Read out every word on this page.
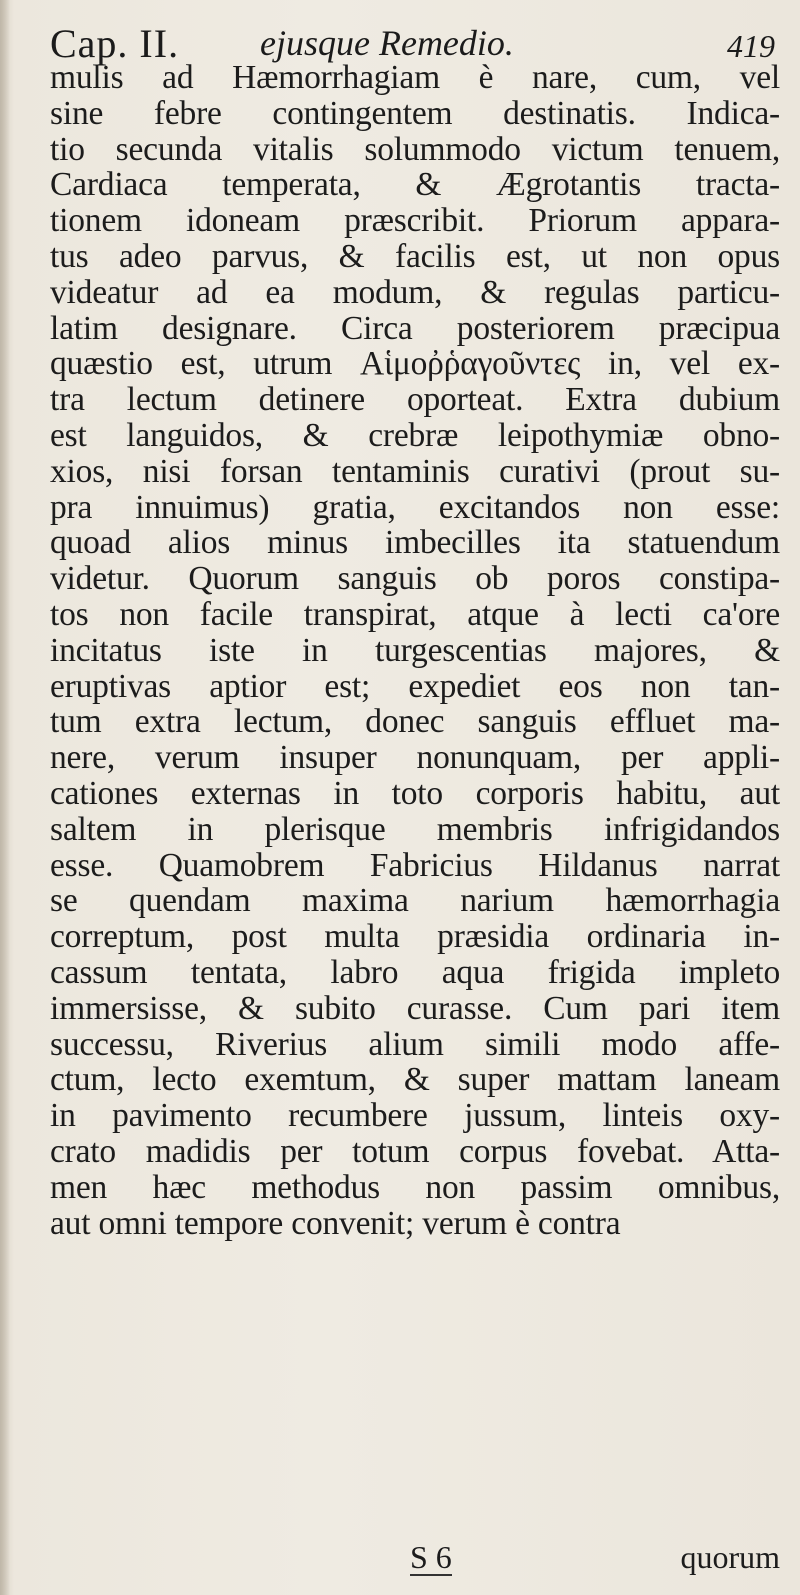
Cap. II. ejusque Remedio.	419
mulis ad Hæmorrhagiam è nare, cum, vel
sine febre contingentem destinatis. Indica-
tio secunda vitalis solummodo victum tenuem,
Cardiaca temperata, & Ægrotantis tracta-
tionem idoneam præscribit. Priorum appara-
tus adeo parvus, & facilis est, ut non opus
videatur ad ea modum, & regulas particu-
latim designare. Circa posteriorem præcipua
quæstio est, utrum Αἱμοῤῥαγοῦντες in, vel ex-
tra lectum detinere oporteat. Extra dubium
est languidos, & crebræ leipothymiæ obno-
xios, nisi forsan tentaminis curativi (prout su-
pra innuimus) gratia, excitandos non esse:
quoad alios minus imbecilles ita statuendum
videtur. Quorum sanguis ob poros constipa-
tos non facile transpirat, atque à lecti ca'ore
incitatus iste in turgescentias majores, &
eruptivas aptior est; expediet eos non tan-
tum extra lectum, donec sanguis effluet ma-
nere, verum insuper nonunquam, per appli-
cationes externas in toto corporis habitu, aut
saltem in plerisque membris infrigidandos
esse. Quamobrem Fabricius Hildanus narrat
se quendam maxima narium hæmorrhagia
correptum, post multa præsidia ordinaria in-
cassum tentata, labro aqua frigida impleto
immersisse, & subito curasse. Cum pari item
successu, Riverius alium simili modo affe-
ctum, lecto exemtum, & super mattam laneam
in pavimento recumbere jussum, linteis oxy-
crato madidis per totum corpus fovebat. Atta-
men hæc methodus non passim omnibus,
aut omni tempore convenit; verum è contra
S 6	quorum
